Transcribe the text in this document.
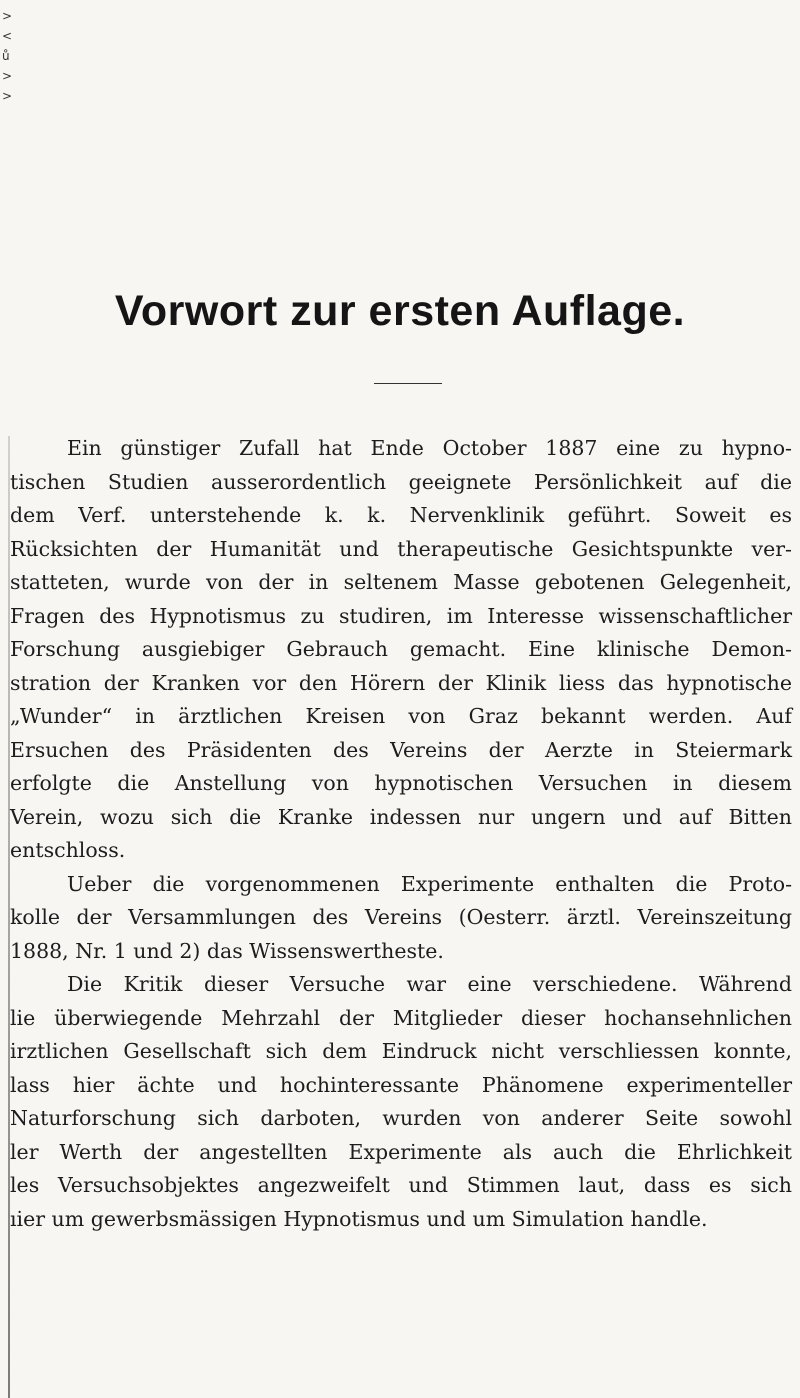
>
<
ů
>
>
Vorwort zur ersten Auflage.
Ein günstiger Zufall hat Ende October 1887 eine zu hypno-
tischen Studien ausserordentlich geeignete Persönlichkeit auf die
dem Verf. unterstehende k. k. Nervenklinik geführt. Soweit es
Rücksichten der Humanität und therapeutische Gesichtspunkte ver-
statteten, wurde von der in seltenem Masse gebotenen Gelegenheit,
Fragen des Hypnotismus zu studiren, im Interesse wissenschaftlicher
Forschung ausgiebiger Gebrauch gemacht. Eine klinische Demon-
stration der Kranken vor den Hörern der Klinik liess das hypnotische
„Wunder“ in ärztlichen Kreisen von Graz bekannt werden. Auf
Ersuchen des Präsidenten des Vereins der Aerzte in Steiermark
erfolgte die Anstellung von hypnotischen Versuchen in diesem
Verein, wozu sich die Kranke indessen nur ungern und auf Bitten
entschloss.
Ueber die vorgenommenen Experimente enthalten die Proto-
kolle der Versammlungen des Vereins (Oesterr. ärztl. Vereinszeitung
1888, Nr. 1 und 2) das Wissenswertheste.
Die Kritik dieser Versuche war eine verschiedene. Während
lie überwiegende Mehrzahl der Mitglieder dieser hochansehnlichen
irztlichen Gesellschaft sich dem Eindruck nicht verschliessen konnte,
lass hier ächte und hochinteressante Phänomene experimenteller
Naturforschung sich darboten, wurden von anderer Seite sowohl
ler Werth der angestellten Experimente als auch die Ehrlichkeit
les Versuchsobjektes angezweifelt und Stimmen laut, dass es sich
ıier um gewerbsmässigen Hypnotismus und um Simulation handle.
